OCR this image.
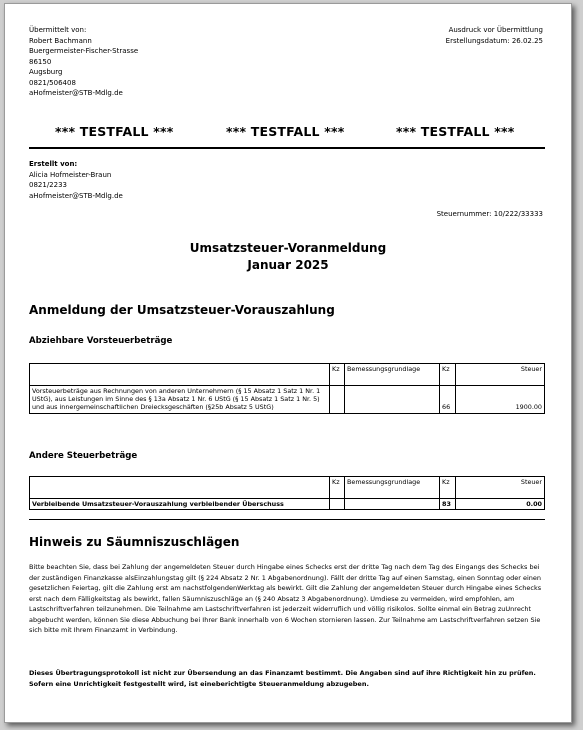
Übermittelt von:
Robert Bachmann
Buergermeister-Fischer-Strasse
86150
Augsburg
0821/506408
aHofmeister@STB-Mdlg.de
Ausdruck vor Übermittlung
Erstellungsdatum: 26.02.25
*** TESTFALL ***	*** TESTFALL ***	*** TESTFALL ***
Erstellt von:
Alicia Hofmeister-Braun
0821/2233
aHofmeister@STB-Mdlg.de
Steuernummer: 10/222/33333
Umsatzsteuer-Voranmeldung
Januar 2025
Anmeldung der Umsatzsteuer-Vorauszahlung
Abziehbare Vorsteuerbeträge
	Kz	Bemessungsgrundlage	Kz	Steuer
Vorsteuerbeträge aus Rechnungen von anderen Unternehmern (§ 15 Absatz 1 Satz 1 Nr. 1 UStG), aus Leistungen im Sinne des § 13a Absatz 1 Nr. 6 UStG (§ 15 Absatz 1 Satz 1 Nr. 5) und aus innergemeinschaftlichen Dreiecksgeschäften (§25b Absatz 5 UStG)			66	1900.00
Andere Steuerbeträge
	Kz	Bemessungsgrundlage	Kz	Steuer
Verbleibende Umsatzsteuer-Vorauszahlung verbleibender Überschuss			83	0.00
Hinweis zu Säumniszuschlägen
Bitte beachten Sie, dass bei Zahlung der angemeldeten Steuer durch Hingabe eines Schecks erst der dritte Tag nach dem Tag des Eingangs des Schecks bei der zuständigen Finanzkasse alsEinzahlungstag gilt (§ 224 Absatz 2 Nr. 1 Abgabenordnung). Fällt der dritte Tag auf einen Samstag, einen Sonntag oder einen gesetzlichen Feiertag, gilt die Zahlung erst am nachstfolgendenWerktag als bewirkt. Gilt die Zahlung der angemeldeten Steuer durch Hingabe eines Schecks erst nach dem Fälligkeitstag als bewirkt, fallen Säumniszuschläge an (§ 240 Absatz 3 Abgabenordnung). Umdiese zu vermeiden, wird empfohlen, am Lastschriftverfahren teilzunehmen. Die Teilnahme am Lastschriftverfahren ist jederzeit widerruflich und völlig risikolos. Sollte einmal ein Betrag zuUnrecht abgebucht werden, können Sie diese Abbuchung bei Ihrer Bank innerhalb von 6 Wochen stornieren lassen. Zur Teilnahme am Lastschriftverfahren setzen Sie sich bitte mit Ihrem Finanzamt in Verbindung.
Dieses Übertragungsprotokoll ist nicht zur Übersendung an das Finanzamt bestimmt. Die Angaben sind auf ihre Richtigkeit hin zu prüfen. Sofern eine Unrichtigkeit festgestellt wird, ist eineberichtigte Steueranmeldung abzugeben.
